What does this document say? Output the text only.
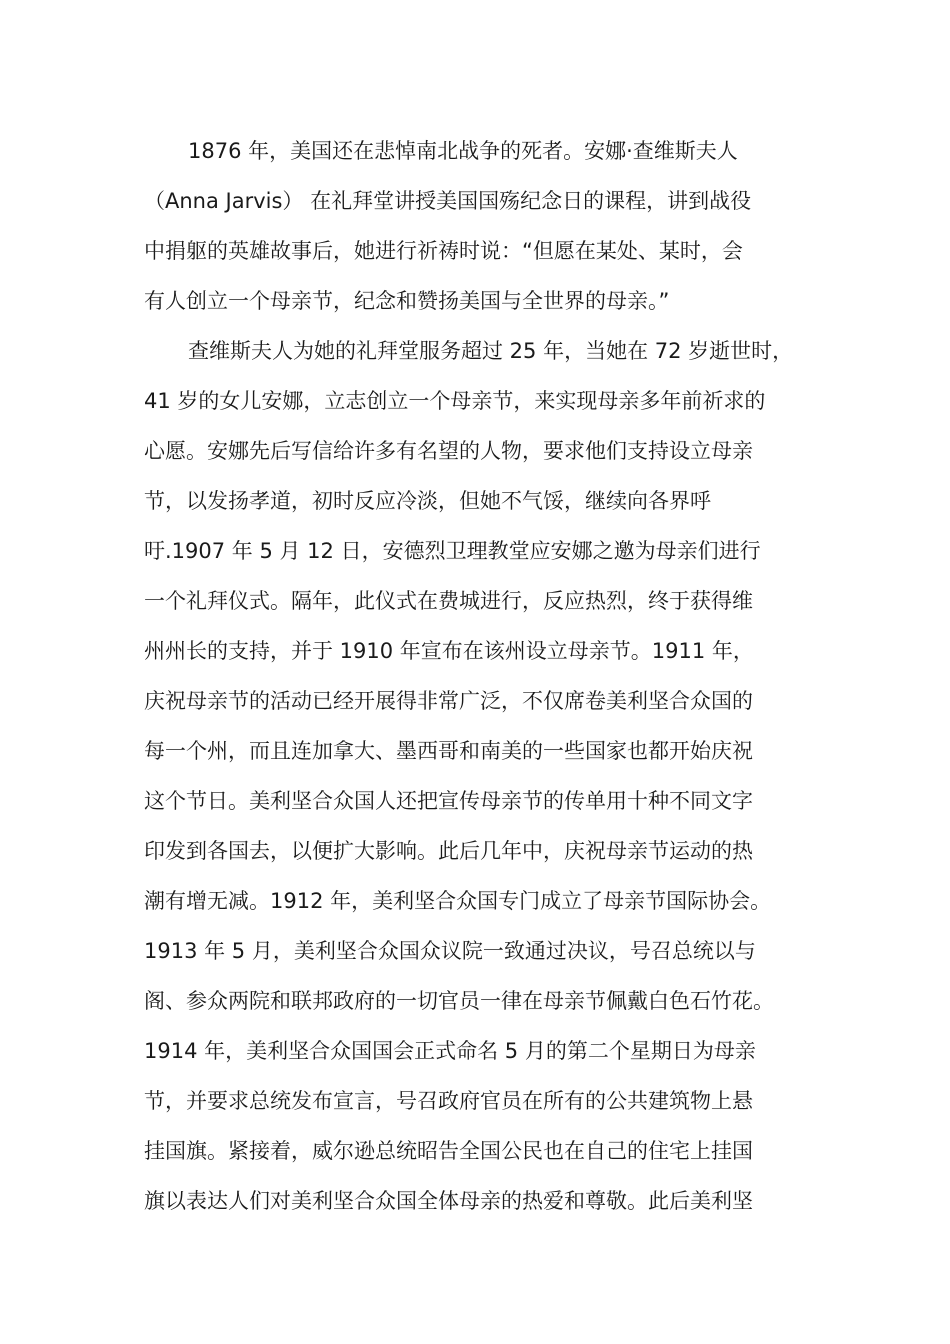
1876 年，美国还在悲悼南北战争的死者。安娜·查维斯夫人
（Anna Jarvis） 在礼拜堂讲授美国国殇纪念日的课程，讲到战役
中捐躯的英雄故事后，她进行祈祷时说：“但愿在某处、某时，会
有人创立一个母亲节，纪念和赞扬美国与全世界的母亲。”
查维斯夫人为她的礼拜堂服务超过 25 年，当她在 72 岁逝世时，
41 岁的女儿安娜，立志创立一个母亲节，来实现母亲多年前祈求的
心愿。安娜先后写信给许多有名望的人物，要求他们支持设立母亲
节，以发扬孝道，初时反应冷淡，但她不气馁，继续向各界呼
吁.1907 年 5 月 12 日，安德烈卫理教堂应安娜之邀为母亲们进行
一个礼拜仪式。隔年，此仪式在费城进行，反应热烈，终于获得维
州州长的支持，并于 1910 年宣布在该州设立母亲节。1911 年，
庆祝母亲节的活动已经开展得非常广泛，不仅席卷美利坚合众国的
每一个州，而且连加拿大、墨西哥和南美的一些国家也都开始庆祝
这个节日。美利坚合众国人还把宣传母亲节的传单用十种不同文字
印发到各国去，以便扩大影响。此后几年中，庆祝母亲节运动的热
潮有增无减。1912 年，美利坚合众国专门成立了母亲节国际协会。
1913 年 5 月，美利坚合众国众议院一致通过决议，号召总统以与
阁、参众两院和联邦政府的一切官员一律在母亲节佩戴白色石竹花。
1914 年，美利坚合众国国会正式命名 5 月的第二个星期日为母亲
节，并要求总统发布宣言，号召政府官员在所有的公共建筑物上悬
挂国旗。紧接着，威尔逊总统昭告全国公民也在自己的住宅上挂国
旗以表达人们对美利坚合众国全体母亲的热爱和尊敬。此后美利坚
